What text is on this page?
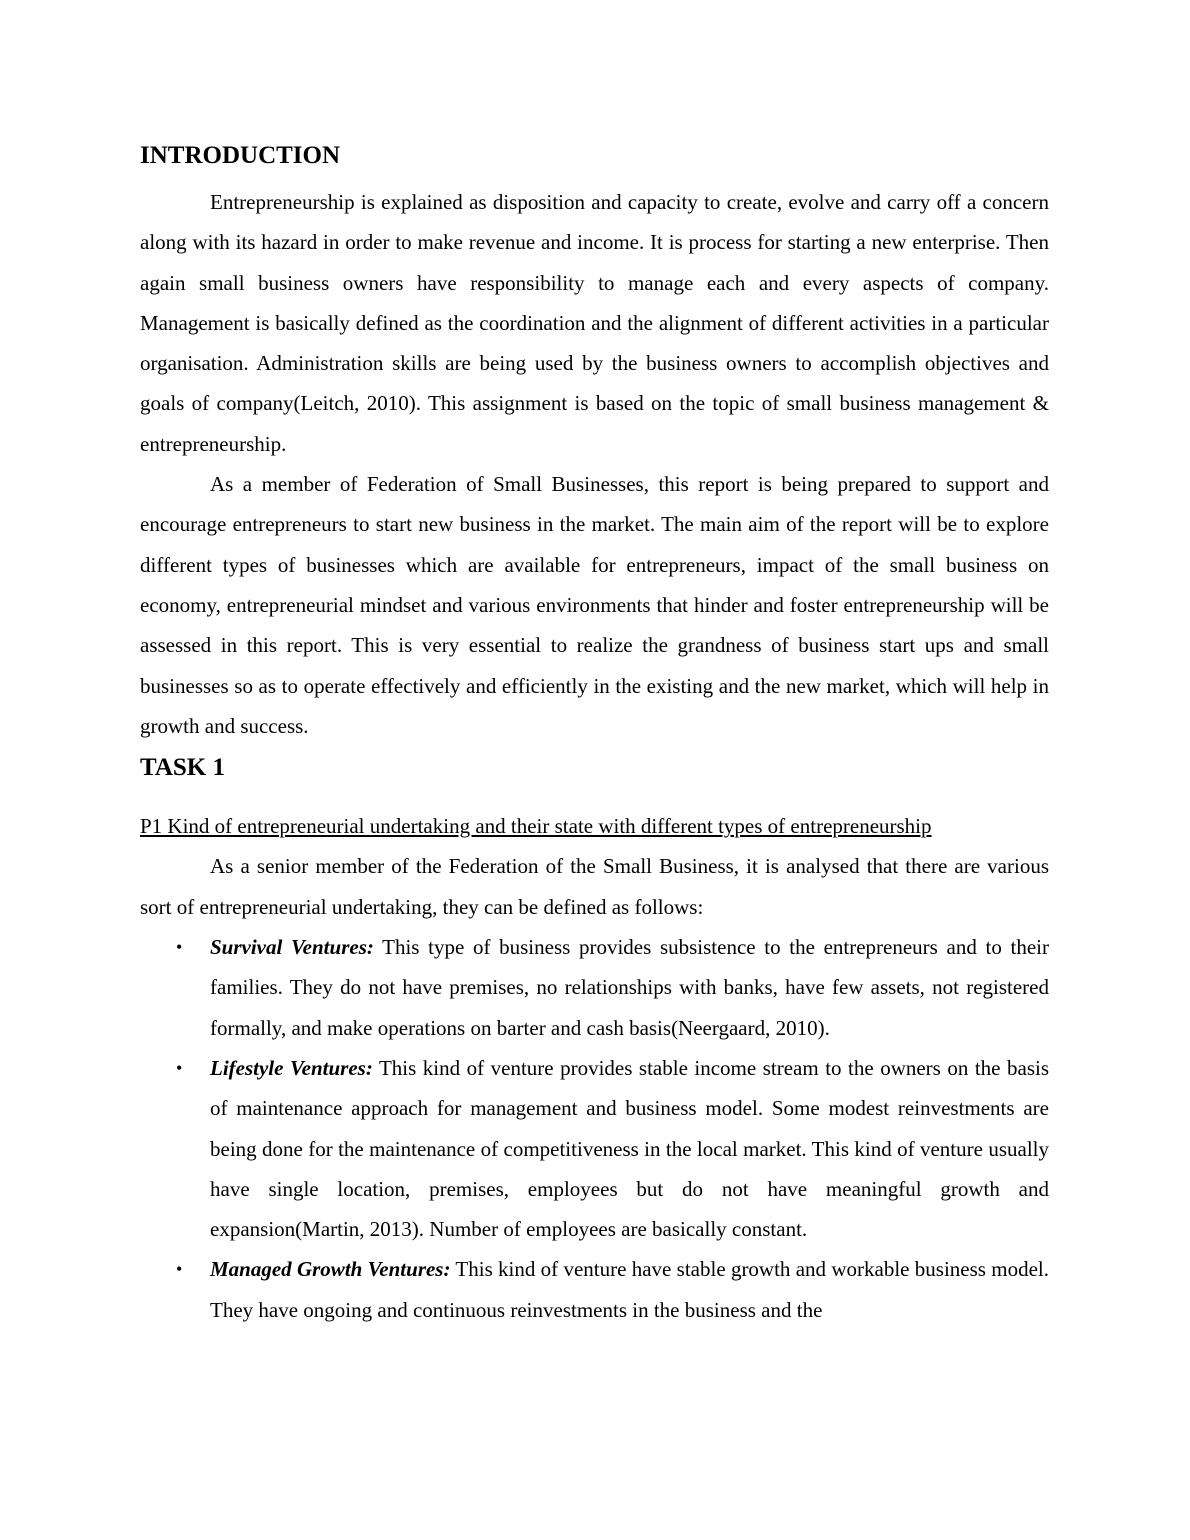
INTRODUCTION

Entrepreneurship is explained as disposition and capacity to create, evolve and carry off a concern along with its hazard in order to make revenue and income. It is process for starting a new enterprise. Then again small business owners have responsibility to manage each and every aspects of company. Management is basically defined as the coordination and the alignment of different activities in a particular organisation. Administration skills are being used by the business owners to accomplish objectives and goals of company(Leitch, 2010). This assignment is based on the topic of small business management & entrepreneurship.

As a member of Federation of Small Businesses, this report is being prepared to support and encourage entrepreneurs to start new business in the market. The main aim of the report will be to explore different types of businesses which are available for entrepreneurs, impact of the small business on economy, entrepreneurial mindset and various environments that hinder and foster entrepreneurship will be assessed in this report. This is very essential to realize the grandness of business start ups and small businesses so as to operate effectively and efficiently in the existing and the new market, which will help in growth and success.

TASK 1

P1 Kind of entrepreneurial undertaking and their state with different types of entrepreneurship

As a senior member of the Federation of the Small Business, it is analysed that there are various sort of entrepreneurial undertaking, they can be defined as follows:

• Survival Ventures: This type of business provides subsistence to the entrepreneurs and to their families. They do not have premises, no relationships with banks, have few assets, not registered formally, and make operations on barter and cash basis(Neergaard, 2010).
• Lifestyle Ventures: This kind of venture provides stable income stream to the owners on the basis of maintenance approach for management and business model. Some modest reinvestments are being done for the maintenance of competitiveness in the local market. This kind of venture usually have single location, premises, employees but do not have meaningful growth and expansion(Martin, 2013). Number of employees are basically constant.
• Managed Growth Ventures: This kind of venture have stable growth and workable business model. They have ongoing and continuous reinvestments in the business and the
